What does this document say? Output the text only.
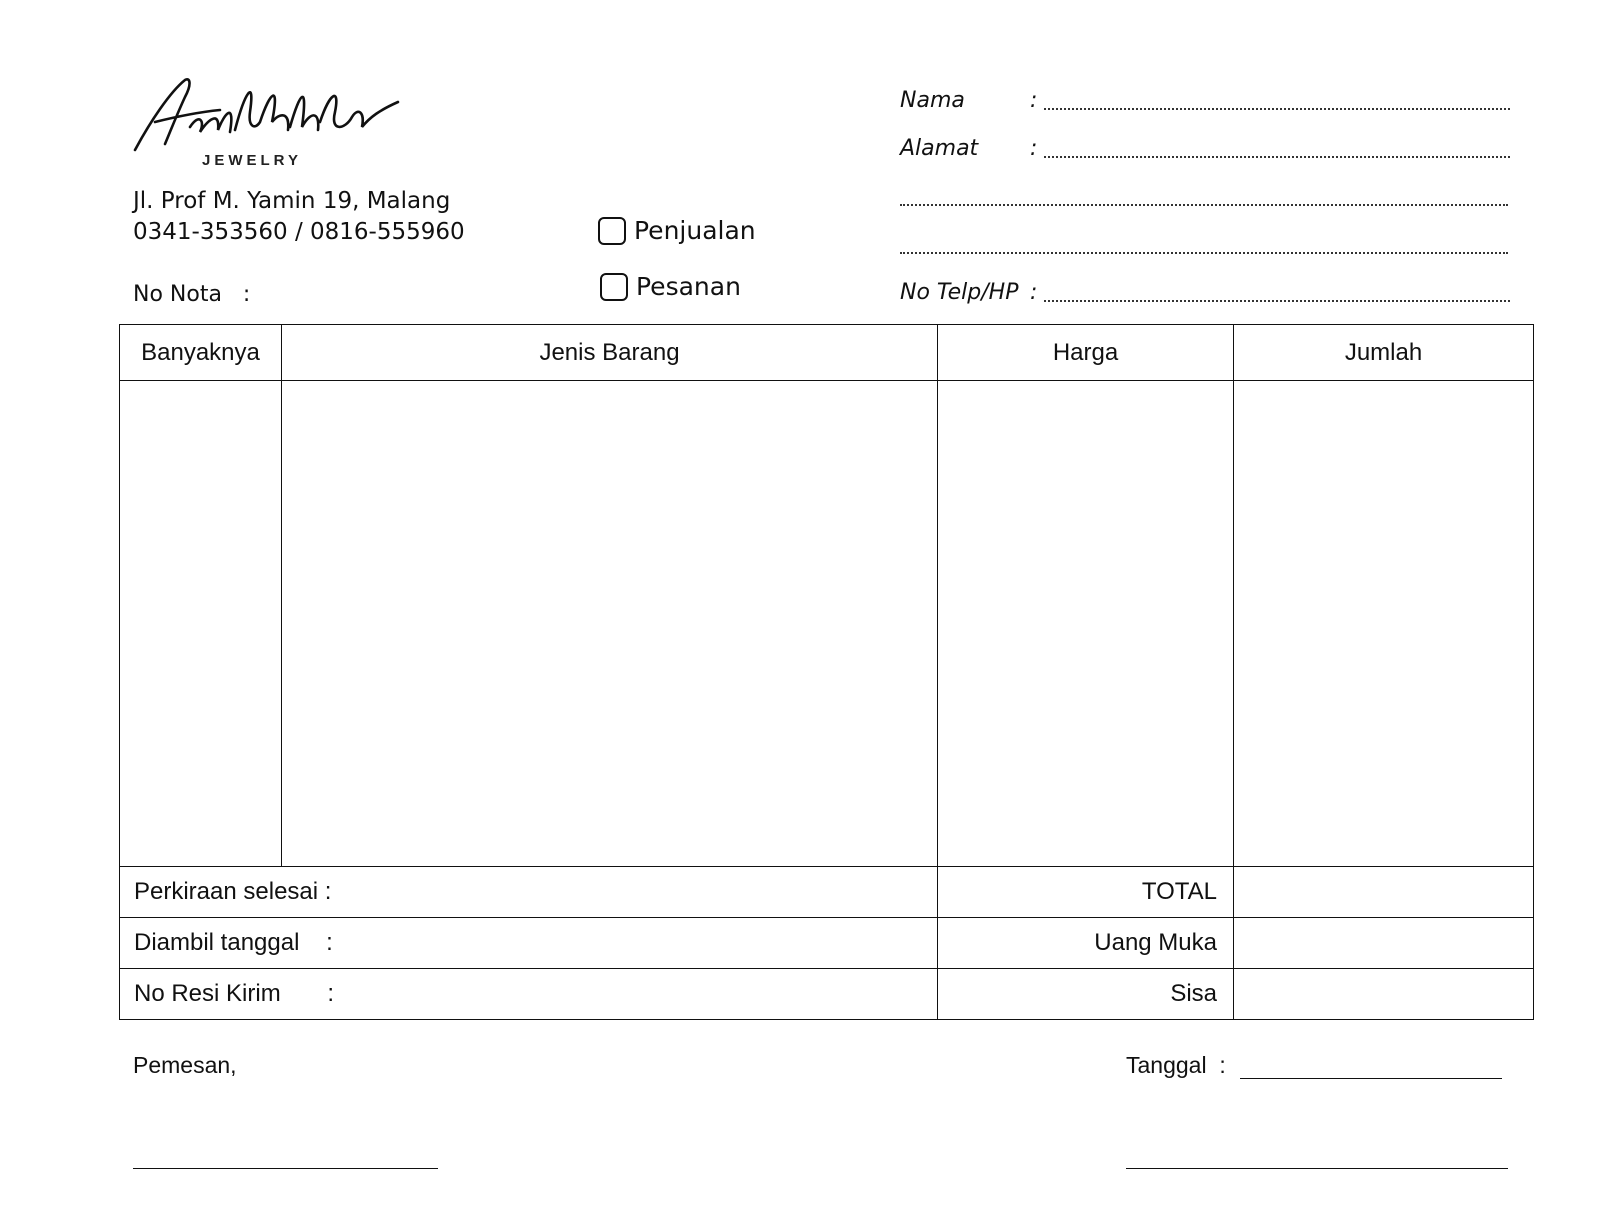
JEWELRY
Jl. Prof M. Yamin 19, Malang
0341-353560 / 0816-555960
No Nota   :
Penjualan
Pesanan
Nama	:
Alamat :
No Telp/HP :
Banyaknya	Jenis Barang	Harga	Jumlah

Perkiraan selesai :		TOTAL	
Diambil tanggal    :		Uang Muka	
No Resi Kirim       :		Sisa	
Pemesan,	Tanggal  :
